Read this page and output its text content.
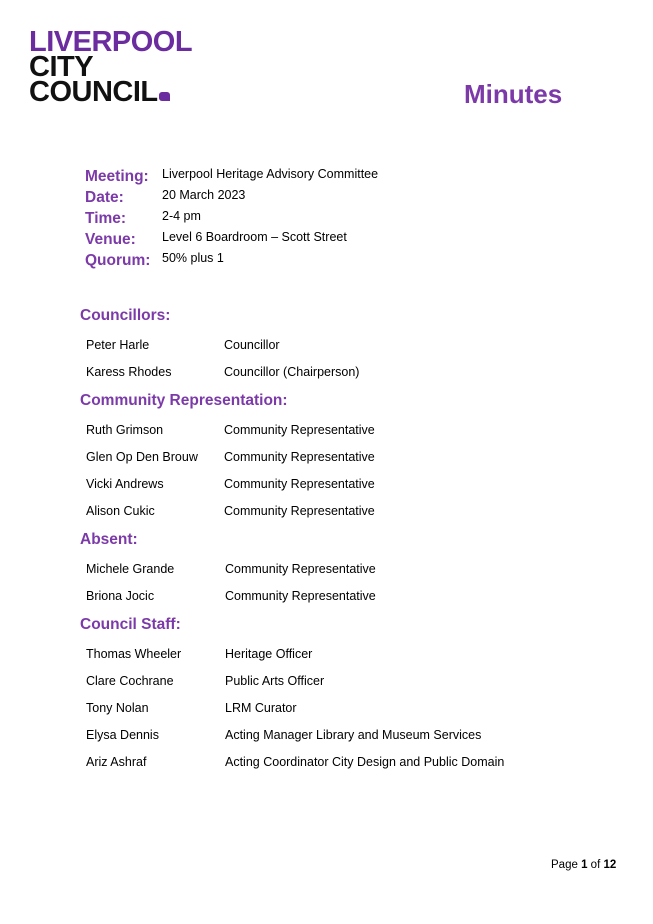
LIVERPOOL
CITY
COUNCIL	Minutes
Meeting: Liverpool Heritage Advisory Committee
Date:	20 March 2023
Time:	2-4 pm
Venue: Level 6 Boardroom – Scott Street
Quorum: 50% plus 1
Councillors:
Peter Harle	Councillor
Karess Rhodes	Councillor (Chairperson)
Community Representation:
Ruth Grimson	Community Representative
Glen Op Den Brouw Community Representative
Vicki Andrews	Community Representative
Alison Cukic	Community Representative
Absent:
Michele Grande	Community Representative
Briona Jocic	Community Representative
Council Staff:
Thomas Wheeler	Heritage Officer
Clare Cochrane	Public Arts Officer
Tony Nolan	LRM Curator
Elysa Dennis	Acting Manager Library and Museum Services
Ariz Ashraf	Acting Coordinator City Design and Public Domain
Page 1 of 12
